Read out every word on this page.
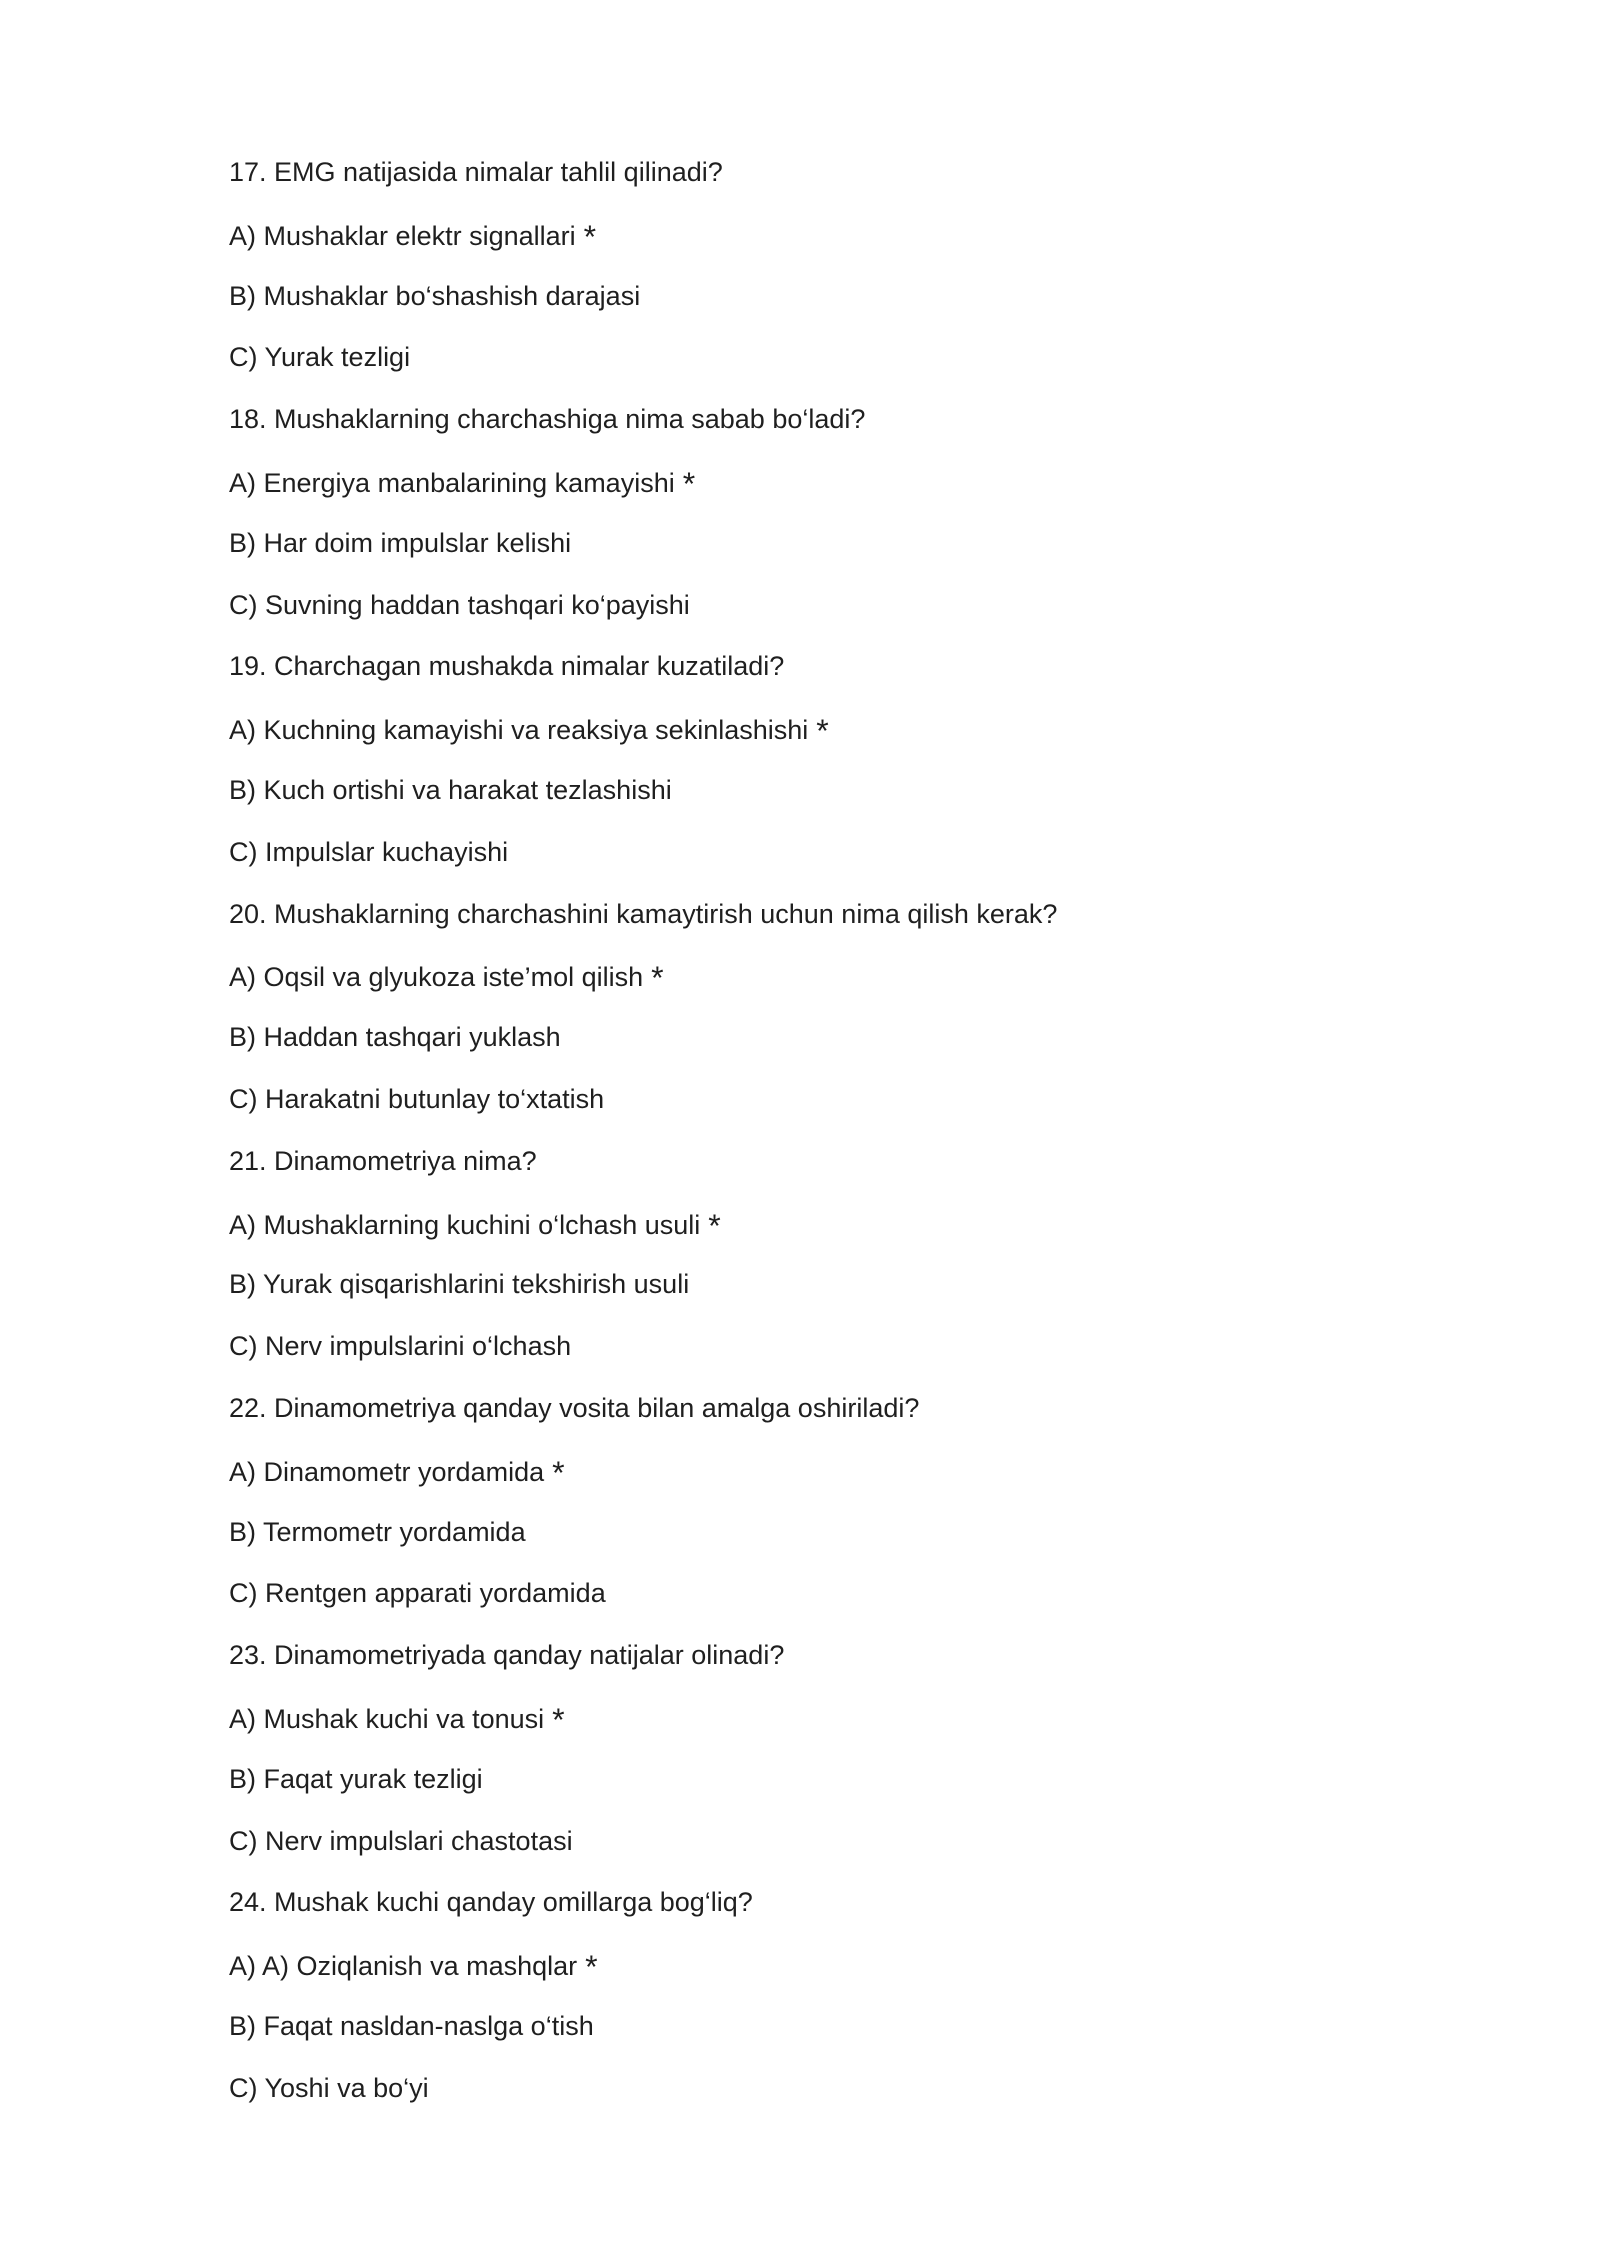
17. EMG natijasida nimalar tahlil qilinadi?
A) Mushaklar elektr signallari *
B) Mushaklar bo‘shashish darajasi
C) Yurak tezligi
18. Mushaklarning charchashiga nima sabab bo‘ladi?
A) Energiya manbalarining kamayishi *
B) Har doim impulslar kelishi
C) Suvning haddan tashqari ko‘payishi
19. Charchagan mushakda nimalar kuzatiladi?
A) Kuchning kamayishi va reaksiya sekinlashishi *
B) Kuch ortishi va harakat tezlashishi
C) Impulslar kuchayishi
20. Mushaklarning charchashini kamaytirish uchun nima qilish kerak?
A) Oqsil va glyukoza iste’mol qilish *
B) Haddan tashqari yuklash
C) Harakatni butunlay to‘xtatish
21. Dinamometriya nima?
A) Mushaklarning kuchini o‘lchash usuli *
B) Yurak qisqarishlarini tekshirish usuli
C) Nerv impulslarini o‘lchash
22. Dinamometriya qanday vosita bilan amalga oshiriladi?
A) Dinamometr yordamida *
B) Termometr yordamida
C) Rentgen apparati yordamida
23. Dinamometriyada qanday natijalar olinadi?
A) Mushak kuchi va tonusi *
B) Faqat yurak tezligi
C) Nerv impulslari chastotasi
24. Mushak kuchi qanday omillarga bog‘liq?
A) A) Oziqlanish va mashqlar *
B) Faqat nasldan-naslga o‘tish
C) Yoshi va bo‘yi
